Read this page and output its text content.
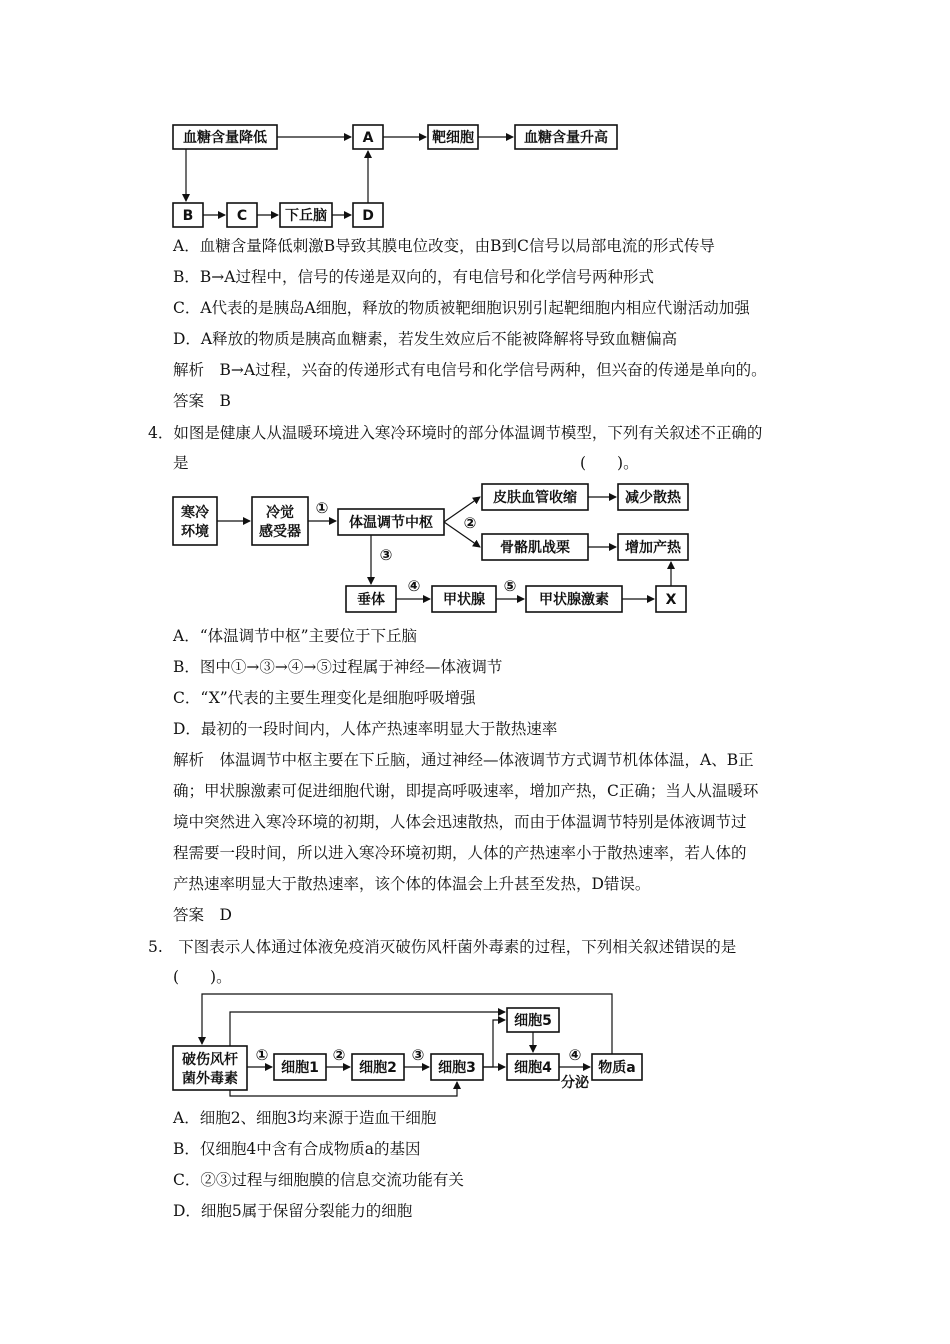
血糖含量降低	A	靶细胞	血糖含量升高
B	C	下丘脑	D
A．血糖含量降低刺激B导致其膜电位改变，由B到C信号以局部电流的形式传导
B．B→A过程中，信号的传递是双向的，有电信号和化学信号两种形式
C．A代表的是胰岛A细胞，释放的物质被靶细胞识别引起靶细胞内相应代谢活动加强
D．A释放的物质是胰高血糖素，若发生效应后不能被降解将导致血糖偏高
解析　B→A过程，兴奋的传递形式有电信号和化学信号两种，但兴奋的传递是单向的。
答案　B
4．如图是健康人从温暖环境进入寒冷环境时的部分体温调节模型，下列有关叙述不正确的
是	(　　)。
寒冷
环境
冷觉
感受器
体温调节中枢
皮肤血管收缩	减少散热
骨骼肌战栗	增加产热
垂体	甲状腺	甲状腺激素	X
①
②
③
④	⑤
A．“体温调节中枢”主要位于下丘脑
B．图中①→③→④→⑤过程属于神经—体液调节
C．“X”代表的主要生理变化是细胞呼吸增强
D．最初的一段时间内，人体产热速率明显大于散热速率
解析　体温调节中枢主要在下丘脑，通过神经—体液调节方式调节机体体温，A、B正
确；甲状腺激素可促进细胞代谢，即提高呼吸速率，增加产热，C正确；当人从温暖环
境中突然进入寒冷环境的初期，人体会迅速散热，而由于体温调节特别是体液调节过
程需要一段时间，所以进入寒冷环境初期，人体的产热速率小于散热速率，若人体的
产热速率明显大于散热速率，该个体的体温会上升甚至发热，D错误。
答案　D
5.　下图表示人体通过体液免疫消灭破伤风杆菌外毒素的过程，下列相关叙述错误的是
(　　)。
破伤风杆
菌外毒素
细胞1	细胞2	细胞3
细胞5
细胞4	物质a
①	②	③	④
分泌
A．细胞2、细胞3均来源于造血干细胞
B．仅细胞4中含有合成物质a的基因
C．②③过程与细胞膜的信息交流功能有关
D．细胞5属于保留分裂能力的细胞
